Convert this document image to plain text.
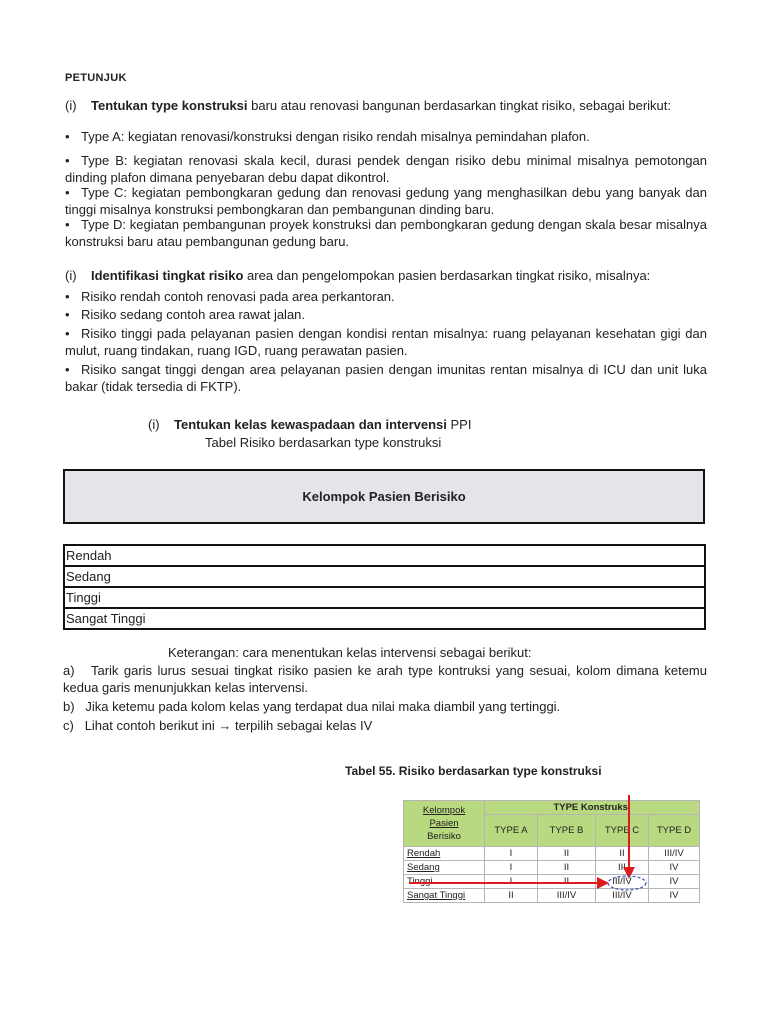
PETUNJUK
(i) Tentukan type konstruksi baru atau renovasi bangunan berdasarkan tingkat risiko, sebagai berikut:
• Type A: kegiatan renovasi/konstruksi dengan risiko rendah misalnya pemindahan plafon.
• Type B: kegiatan renovasi skala kecil, durasi pendek dengan risiko debu minimal misalnya pemotongan dinding plafon dimana penyebaran debu dapat dikontrol.
• Type C: kegiatan pembongkaran gedung dan renovasi gedung yang menghasilkan debu yang banyak dan tinggi misalnya konstruksi pembongkaran dan pembangunan dinding baru.
• Type D: kegiatan pembangunan proyek konstruksi dan pembongkaran gedung dengan skala besar misalnya konstruksi baru atau pembangunan gedung baru.
(i) Identifikasi tingkat risiko area dan pengelompokan pasien berdasarkan tingkat risiko, misalnya:
• Risiko rendah contoh renovasi pada area perkantoran.
• Risiko sedang contoh area rawat jalan.
• Risiko tinggi pada pelayanan pasien dengan kondisi rentan misalnya: ruang pelayanan kesehatan gigi dan mulut, ruang tindakan, ruang IGD, ruang perawatan pasien.
• Risiko sangat tinggi dengan area pelayanan pasien dengan imunitas rentan misalnya di ICU dan unit luka bakar (tidak tersedia di FKTP).
(i) Tentukan kelas kewaspadaan dan intervensi PPI
Tabel Risiko berdasarkan type konstruksi
Kelompok Pasien Berisiko
Rendah
Sedang
Tinggi
Sangat Tinggi
Keterangan: cara menentukan kelas intervensi sebagai berikut:
a) Tarik garis lurus sesuai tingkat risiko pasien ke arah type kontruksi yang sesuai, kolom dimana ketemu kedua garis menunjukkan kelas intervensi.
b) Jika ketemu pada kolom kelas yang terdapat dua nilai maka diambil yang tertinggi.
c) Lihat contoh berikut ini → terpilih sebagai kelas IV
Tabel 55. Risiko berdasarkan type konstruksi
Kelompok
Pasien
Berisiko	TYPE Konstruksi			
	TYPE A	TYPE B	TYPE C	TYPE D
Rendah	I	II	II	III/IV
Sedang	I	II	III	IV
Tinggi	I	II	III/IV	IV
Sangat Tinggi	II	III/IV	III/IV	IV
